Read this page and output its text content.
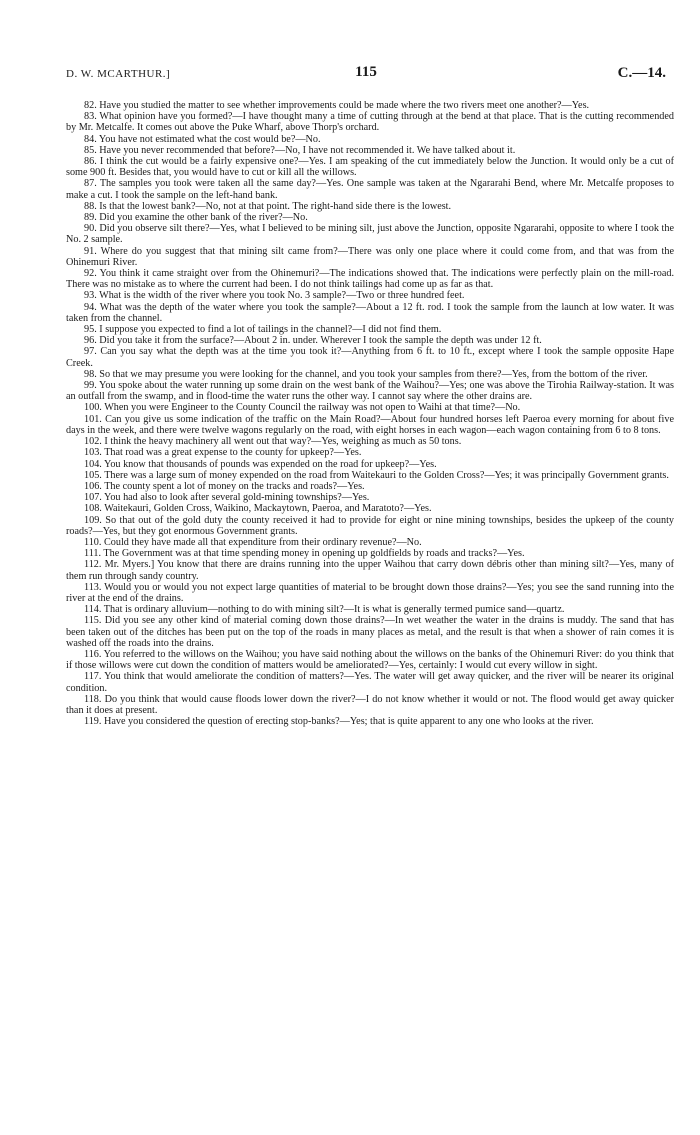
D. W. MCARTHUR.]	115	C.—14.

82. Have you studied the matter to see whether improvements could be made where the two rivers meet one another?—Yes.

83. What opinion have you formed?—I have thought many a time of cutting through at the bend at that place. That is the cutting recommended by Mr. Metcalfe. It comes out above the Puke Wharf, above Thorp's orchard.

84. You have not estimated what the cost would be?—No.

85. Have you never recommended that before?—No, I have not recommended it. We have talked about it.

86. I think the cut would be a fairly expensive one?—Yes. I am speaking of the cut immediately below the Junction. It would only be a cut of some 900 ft. Besides that, you would have to cut or kill all the willows.

87. The samples you took were taken all the same day?—Yes. One sample was taken at the Ngararahi Bend, where Mr. Metcalfe proposes to make a cut. I took the sample on the left-hand bank.

88. Is that the lowest bank?—No, not at that point. The right-hand side there is the lowest.

89. Did you examine the other bank of the river?—No.

90. Did you observe silt there?—Yes, what I believed to be mining silt, just above the Junction, opposite Ngararahi, opposite to where I took the No. 2 sample.

91. Where do you suggest that that mining silt came from?—There was only one place where it could come from, and that was from the Ohinemuri River.

92. You think it came straight over from the Ohinemuri?—The indications showed that. The indications were perfectly plain on the mill-road. There was no mistake as to where the current had been. I do not think tailings had come up as far as that.

93. What is the width of the river where you took No. 3 sample?—Two or three hundred feet.

94. What was the depth of the water where you took the sample?—About a 12 ft. rod. I took the sample from the launch at low water. It was taken from the channel.

95. I suppose you expected to find a lot of tailings in the channel?—I did not find them.

96. Did you take it from the surface?—About 2 in. under. Wherever I took the sample the depth was under 12 ft.

97. Can you say what the depth was at the time you took it?—Anything from 6 ft. to 10 ft., except where I took the sample opposite Hape Creek.

98. So that we may presume you were looking for the channel, and you took your samples from there?—Yes, from the bottom of the river.

99. You spoke about the water running up some drain on the west bank of the Waihou?—Yes; one was above the Tirohia Railway-station. It was an outfall from the swamp, and in flood-time the water runs the other way. I cannot say where the other drains are.

100. When you were Engineer to the County Council the railway was not open to Waihi at that time?—No.

101. Can you give us some indication of the traffic on the Main Road?—About four hundred horses left Paeroa every morning for about five days in the week, and there were twelve wagons regularly on the road, with eight horses in each wagon—each wagon containing from 6 to 8 tons.

102. I think the heavy machinery all went out that way?—Yes, weighing as much as 50 tons.

103. That road was a great expense to the county for upkeep?—Yes.

104. You know that thousands of pounds was expended on the road for upkeep?—Yes.

105. There was a large sum of money expended on the road from Waitekauri to the Golden Cross?—Yes; it was principally Government grants.

106. The county spent a lot of money on the tracks and roads?—Yes.

107. You had also to look after several gold-mining townships?—Yes.

108. Waitekauri, Golden Cross, Waikino, Mackaytown, Paeroa, and Maratoto?—Yes.

109. So that out of the gold duty the county received it had to provide for eight or nine mining townships, besides the upkeep of the county roads?—Yes, but they got enormous Government grants.

110. Could they have made all that expenditure from their ordinary revenue?—No.

111. The Government was at that time spending money in opening up goldfields by roads and tracks?—Yes.

112. Mr. Myers.] You know that there are drains running into the upper Waihou that carry down débris other than mining silt?—Yes, many of them run through sandy country.

113. Would you or would you not expect large quantities of material to be brought down those drains?—Yes; you see the sand running into the river at the end of the drains.

114. That is ordinary alluvium—nothing to do with mining silt?—It is what is generally termed pumice sand—quartz.

115. Did you see any other kind of material coming down those drains?—In wet weather the water in the drains is muddy. The sand that has been taken out of the ditches has been put on the top of the roads in many places as metal, and the result is that when a shower of rain comes it is washed off the roads into the drains.

116. You referred to the willows on the Waihou; you have said nothing about the willows on the banks of the Ohinemuri River: do you think that if those willows were cut down the condition of matters would be ameliorated?—Yes, certainly: I would cut every willow in sight.

117. You think that would ameliorate the condition of matters?—Yes. The water will get away quicker, and the river will be nearer its original condition.

118. Do you think that would cause floods lower down the river?—I do not know whether it would or not. The flood would get away quicker than it does at present.

119. Have you considered the question of erecting stop-banks?—Yes; that is quite apparent to any one who looks at the river.
